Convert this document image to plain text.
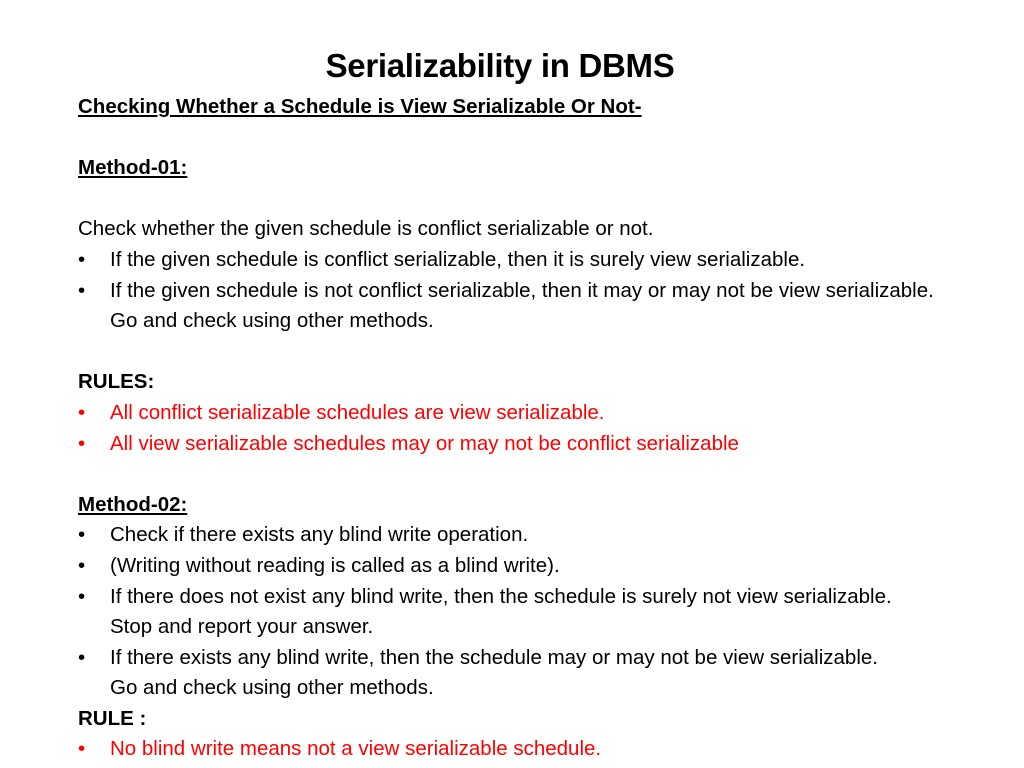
Serializability in DBMS
Checking Whether a Schedule is View Serializable Or Not-
Method-01:
Check whether the given schedule is conflict serializable or not.
• If the given schedule is conflict serializable, then it is surely view serializable.
• If the given schedule is not conflict serializable, then it may or may not be view serializable. Go and check using other methods.
RULES:
• All conflict serializable schedules are view serializable.
• All view serializable schedules may or may not be conflict serializable
Method-02:
• Check if there exists any blind write operation.
• (Writing without reading is called as a blind write).
• If there does not exist any blind write, then the schedule is surely not view serializable. Stop and report your answer.
• If there exists any blind write, then the schedule may or may not be view serializable. Go and check using other methods.
RULE :
• No blind write means not a view serializable schedule.
